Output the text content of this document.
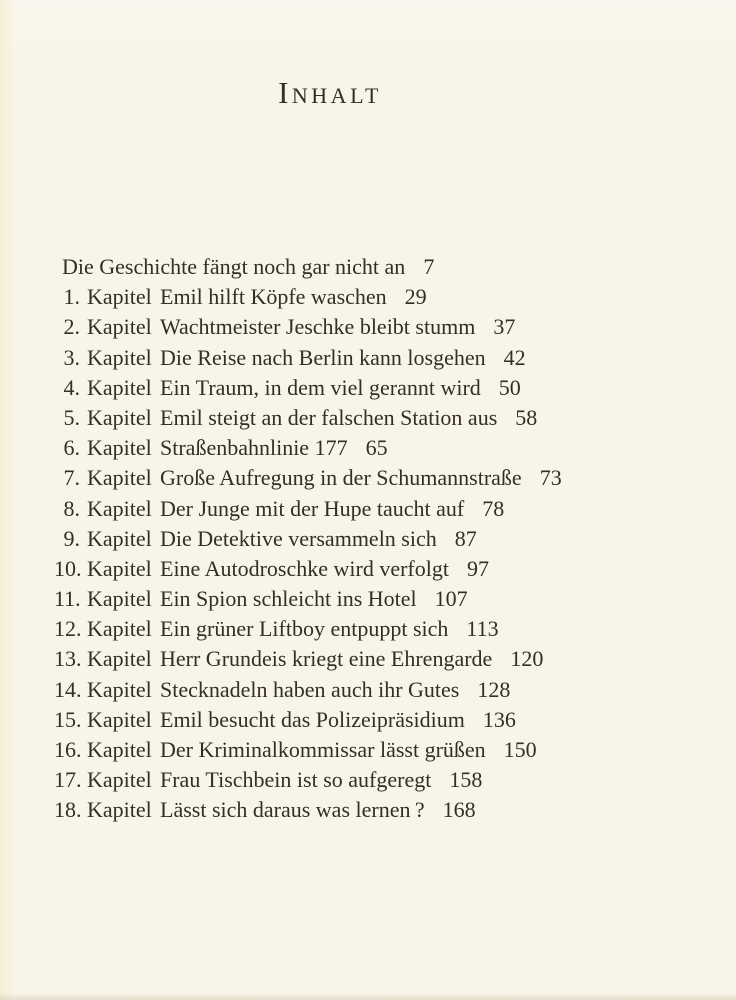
Inhalt
Die Geschichte fängt noch gar nicht an 7
1. Kapitel Emil hilft Köpfe waschen 29
2. Kapitel Wachtmeister Jeschke bleibt stumm 37
3. Kapitel Die Reise nach Berlin kann losgehen 42
4. Kapitel Ein Traum, in dem viel gerannt wird 50
5. Kapitel Emil steigt an der falschen Station aus 58
6. Kapitel Straßenbahnlinie 177 65
7. Kapitel Große Aufregung in der Schumannstraße 73
8. Kapitel Der Junge mit der Hupe taucht auf 78
9. Kapitel Die Detektive versammeln sich 87
10. Kapitel Eine Autodroschke wird verfolgt 97
11. Kapitel Ein Spion schleicht ins Hotel 107
12. Kapitel Ein grüner Liftboy entpuppt sich 113
13. Kapitel Herr Grundeis kriegt eine Ehrengarde 120
14. Kapitel Stecknadeln haben auch ihr Gutes 128
15. Kapitel Emil besucht das Polizeipräsidium 136
16. Kapitel Der Kriminalkommissar lässt grüßen 150
17. Kapitel Frau Tischbein ist so aufgeregt 158
18. Kapitel Lässt sich daraus was lernen ? 168
